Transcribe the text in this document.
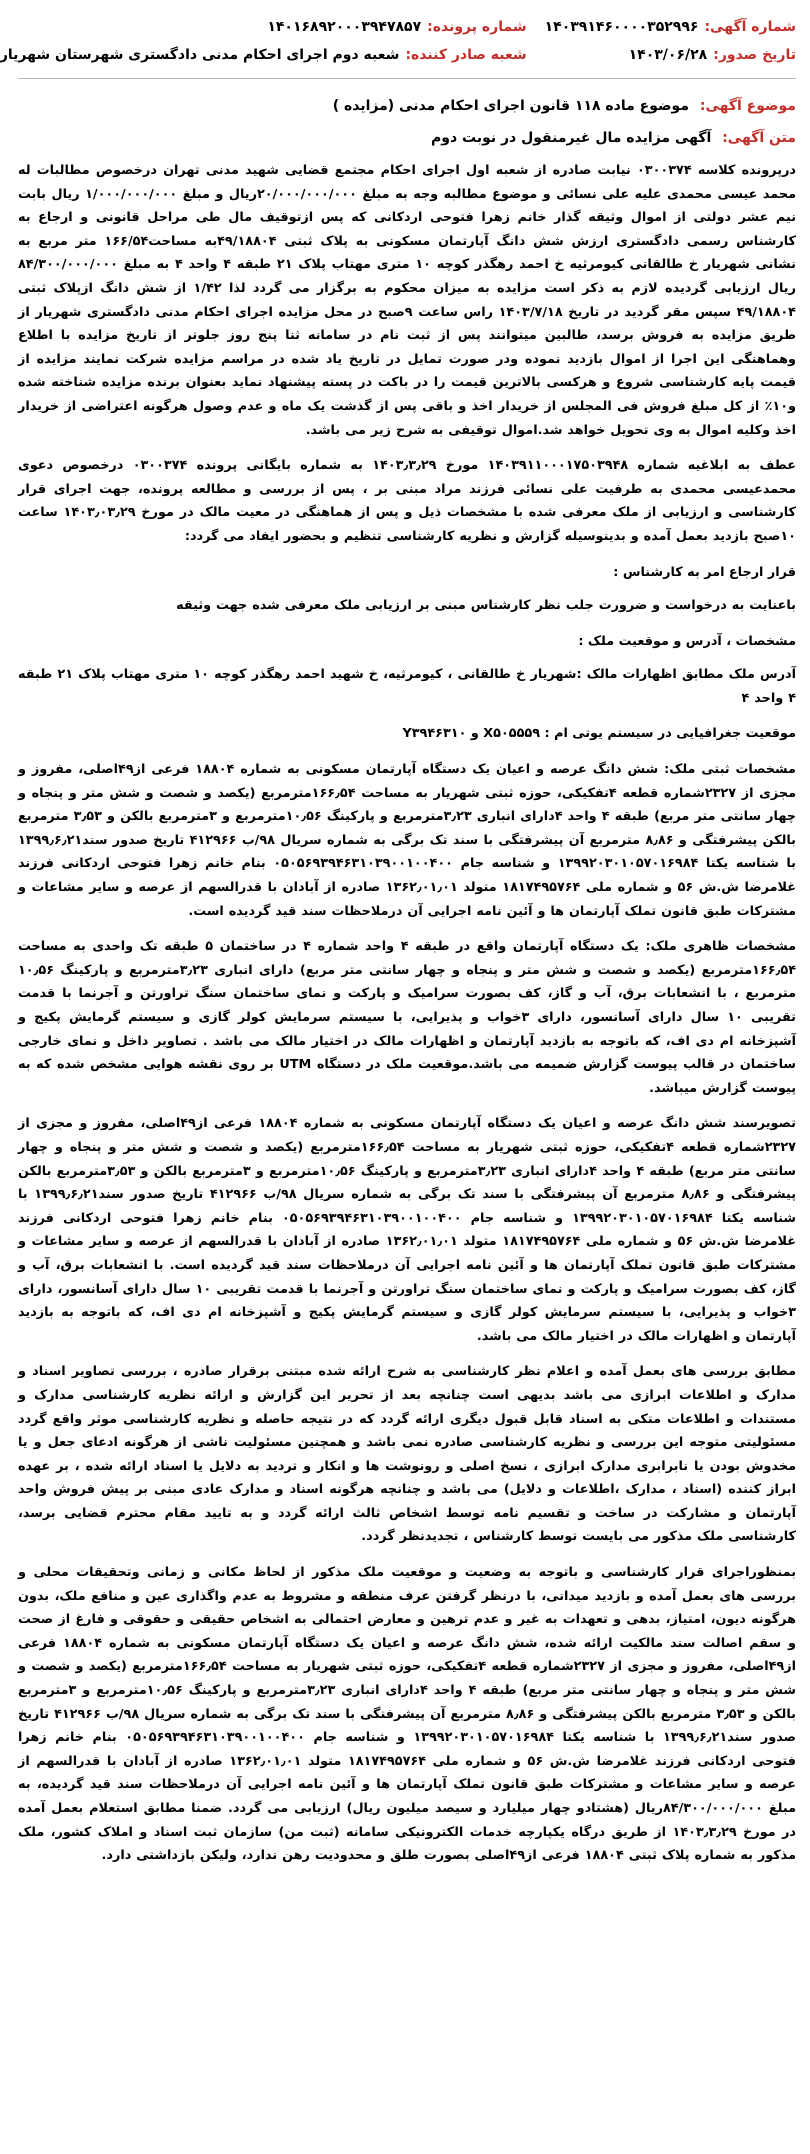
شماره آگهی:
۱۴۰۳۹۱۴۶۰۰۰۰۳۵۲۹۹۶
شماره پرونده:
۱۴۰۱۶۸۹۲۰۰۰۳۹۴۷۸۵۷
تاریخ صدور:
۱۴۰۳/۰۶/۲۸
شعبه صادر کننده:
شعبه دوم اجرای احکام مدنی دادگستری شهرستان شهریار
موضوع آگهی: موضوع ماده ۱۱۸ قانون اجرای احکام مدنی (مزایده )
متن آگهی: آگهی مزایده مال غیرمنقول در نوبت دوم

درپرونده کلاسه ۰۳۰۰۳۷۴ نیابت صادره از شعبه اول اجرای احکام مجتمع قضایی شهید مدنی تهران درخصوص مطالبات له محمد عیسی محمدی علیه علی نسائی و موضوع مطالبه وجه به مبلغ ۲۰/۰۰۰/۰۰۰/۰۰۰ریال و مبلغ ۱/۰۰۰/۰۰۰/۰۰۰ ریال بابت نیم عشر دولتی از اموال وثیقه گذار خانم زهرا فتوحی اردکانی که پس ازتوقیف مال طی مراحل قانونی و ارجاع به کارشناس رسمی دادگستری ارزش شش دانگ آپارتمان مسکونی به پلاک ثبتی ۴۹/۱۸۸۰۴به مساحت۱۶۶/۵۴ متر مربع به نشانی شهریار خ طالقانی کیومرثیه خ احمد رهگذر کوچه ۱۰ متری مهتاب پلاک ۲۱ طبقه ۴ واحد ۴ به مبلغ ۸۴/۳۰۰/۰۰۰/۰۰۰ ریال ارزیابی گردیده لازم به ذکر است مزایده به میزان محکوم به برگزار می گردد لذا ۱/۴۲ از شش دانگ ازپلاک ثبتی ۴۹/۱۸۸۰۴ سپس مقر گردید در تاریخ ۱۴۰۳/۷/۱۸ راس ساعت ۹صبح در محل مزایده اجرای احکام مدنی دادگستری شهریار از طریق مزایده به فروش برسد، طالبین میتوانند پس از ثبت نام در سامانه ثنا پنج روز جلوتر از تاریخ مزایده با اطلاع وهماهنگی این اجرا از اموال بازدید نموده ودر صورت تمایل در تاریخ یاد شده در مراسم مزایده شرکت نمایند مزایده از قیمت پایه کارشناسی شروع و هرکسی بالاترین قیمت را در باکت در پسته پیشنهاد نماید بعنوان برنده مزایده شناخته شده و۱۰٪ از کل مبلغ فروش فی المجلس از خریدار اخذ و باقی پس از گذشت یک ماه و عدم وصول هرگونه اعتراضی از خریدار اخذ وکلیه اموال به وی تحویل خواهد شد.اموال توقیفی به شرح زیر می باشد.

عطف به ابلاغیه شماره ۱۴۰۳۹۱۱۰۰۰۱۷۵۰۳۹۴۸ مورخ ۱۴۰۳٫۳٫۲۹ به شماره بایگانی پرونده ۰۳۰۰۳۷۴ درخصوص دعوی محمدعیسی محمدی به طرفیت علی نسائی فرزند مراد مبنی بر ، پس از بررسی و مطالعه پرونده، جهت اجرای قرار کارشناسی و ارزیابی از ملک معرفی شده با مشخصات ذیل و پس از هماهنگی در معیت مالک در مورخ ۱۴۰۳٫۰۳٫۲۹ ساعت ۱۰صبح بازدید بعمل آمده و بدینوسیله گزارش و نظریه کارشناسی تنظیم و بحضور ایفاد می گردد:

قرار ارجاع امر به کارشناس :

باعنایت به درخواست و ضرورت جلب نظر کارشناس مبنی بر ارزیابی ملک معرفی شده جهت وثیقه

مشخصات ، آدرس و موقعیت ملک :

آدرس ملک مطابق اظهارات مالک :شهریار خ طالقانی ، کیومرثیه، خ شهید احمد رهگذر کوچه ۱۰ متری مهتاب پلاک ۲۱ طبقه ۴ واحد ۴

موقعیت جغرافیایی در سیستم یوتی ام : X۵۰۵۵۵۹ و Y۳۹۴۶۳۱۰

مشخصات ثبتی ملک: شش دانگ عرصه و اعیان یک دستگاه آپارتمان مسکونی به شماره ۱۸۸۰۴ فرعی از۴۹اصلی، مفروز و مجزی از ۲۳۲۷شماره قطعه ۴تفکیکی، حوزه ثبتی شهریار به مساحت ۱۶۶٫۵۴مترمربع (یکصد و شصت و شش متر و پنجاه و چهار سانتی متر مربع) طبقه ۴ واحد ۴دارای انباری ۳٫۲۳مترمربع و پارکینگ ۱۰٫۵۶مترمربع و ۳مترمربع بالکن و ۳٫۵۳ مترمربع بالکن پیشرفتگی و ۸٫۸۶ مترمربع آن پیشرفتگی با سند تک برگی به شماره سریال ۹۸/ب ۴۱۲۹۶۶ تاریخ صدور سند۱۳۹۹٫۶٫۲۱ با شناسه یکتا ۱۳۹۹۲۰۳۰۱۰۵۷۰۱۶۹۸۴ و شناسه جام ۰۵۰۵۶۹۳۹۴۶۳۱۰۳۹۰۰۱۰۰۴۰۰ بنام خانم زهرا فتوحی اردکانی فرزند غلامرضا ش.ش ۵۶ و شماره ملی ۱۸۱۷۴۹۵۷۶۴ متولد ۱۳۶۲٫۰۱٫۰۱ صادره از آبادان با قدرالسهم از عرصه و سایر مشاعات و مشترکات طبق قانون تملک آپارتمان ها و آئین نامه اجرایی آن درملاحظات سند قید گردیده است.

مشخصات ظاهری ملک: یک دستگاه آپارتمان واقع در طبقه ۴ واحد شماره ۴ در ساختمان ۵ طبقه تک واحدی به مساحت ۱۶۶٫۵۴مترمربع (یکصد و شصت و شش متر و پنجاه و چهار سانتی متر مربع) دارای انباری ۳٫۲۳مترمربع و پارکینگ ۱۰٫۵۶ مترمربع ، با انشعابات برق، آب و گاز، کف بصورت سرامیک و پارکت و نمای ساختمان سنگ تراورتن و آجرنما با قدمت تقریبی ۱۰ سال دارای آسانسور، دارای ۳خواب و پذیرایی، با سیستم سرمایش کولر گازی و سیستم گرمایش پکیج و آشپزخانه ام دی اف، که باتوجه به بازدید آپارتمان و اظهارات مالک در اختیار مالک می باشد . تصاویر داخل و نمای خارجی ساختمان در قالب پیوست گزارش ضمیمه می باشد.موقعیت ملک در دستگاه UTM بر روی نقشه هوایی مشخص شده که به پیوست گزارش میباشد.

تصویرسند شش دانگ عرصه و اعیان یک دستگاه آپارتمان مسکونی به شماره ۱۸۸۰۴ فرعی از۴۹اصلی، مفروز و مجزی از ۲۳۲۷شماره قطعه ۴تفکیکی، حوزه ثبتی شهریار به مساحت ۱۶۶٫۵۴مترمربع (یکصد و شصت و شش متر و پنجاه و چهار سانتی متر مربع) طبقه ۴ واحد ۴دارای انباری ۳٫۲۳مترمربع و پارکینگ ۱۰٫۵۶مترمربع و ۳مترمربع بالکن و ۳٫۵۳مترمربع بالکن پیشرفتگی و ۸٫۸۶ مترمربع آن پیشرفتگی با سند تک برگی به شماره سریال ۹۸/ب ۴۱۲۹۶۶ تاریخ صدور سند۱۳۹۹٫۶٫۲۱ با شناسه یکتا ۱۳۹۹۲۰۳۰۱۰۵۷۰۱۶۹۸۴ و شناسه جام ۰۵۰۵۶۹۳۹۴۶۳۱۰۳۹۰۰۱۰۰۴۰۰ بنام خانم زهرا فتوحی اردکانی فرزند غلامرضا ش.ش ۵۶ و شماره ملی ۱۸۱۷۴۹۵۷۶۴ متولد ۱۳۶۲٫۰۱٫۰۱ صادره از آبادان با قدرالسهم از عرصه و سایر مشاعات و مشترکات طبق قانون تملک آپارتمان ها و آئین نامه اجرایی آن درملاحظات سند قید گردیده است. با انشعابات برق، آب و گاز، کف بصورت سرامیک و پارکت و نمای ساختمان سنگ تراورتن و آجرنما با قدمت تقریبی ۱۰ سال دارای آسانسور، دارای ۳خواب و پذیرایی، با سیستم سرمایش کولر گازی و سیستم گرمایش پکیج و آشپزخانه ام دی اف، که باتوجه به بازدید آپارتمان و اظهارات مالک در اختیار مالک می باشد.

مطابق بررسی های بعمل آمده و اعلام نظر کارشناسی به شرح ارائه شده مبتنی برقرار صادره ، بررسی تصاویر اسناد و مدارک و اطلاعات ابرازی می باشد بدیهی است چنانچه بعد از تحریر این گزارش و ارائه نظریه کارشناسی مدارک و مستندات و اطلاعات متکی به اسناد قابل قبول دیگری ارائه گردد که در نتیجه حاصله و نظریه کارشناسی موثر واقع گردد مسئولیتی متوجه این بررسی و نظریه کارشناسی صادره نمی باشد و همچنین مسئولیت ناشی از هرگونه ادعای جعل و یا مخدوش بودن یا نابرابری مدارک ابرازی ، نسخ اصلی و رونوشت ها و انکار و تردید به دلایل یا اسناد ارائه شده ، بر عهده ابراز کننده (اسناد ، مدارک ،اطلاعات و دلایل) می باشد و چنانچه هرگونه اسناد و مدارک عادی مبنی بر پیش فروش واحد آپارتمان و مشارکت در ساخت و تقسیم نامه توسط اشخاص ثالث ارائه گردد و به تایید مقام محترم قضایی برسد، کارشناسی ملک مذکور می بایست توسط کارشناس ، تجدیدنظر گردد.

بمنظوراجرای قرار کارشناسی و باتوجه به وضعیت و موقعیت ملک مذکور از لحاظ مکانی و زمانی وتحقیقات محلی و بررسی های بعمل آمده و بازدید میدانی، با درنظر گرفتن عرف منطقه و مشروط به عدم واگذاری عین و منافع ملک، بدون هرگونه دیون، امتیاز، بدهی و تعهدات به غیر و عدم ترهین و معارض احتمالی به اشخاص حقیقی و حقوقی و فارغ از صحت و سقم اصالت سند مالکیت ارائه شده، شش دانگ عرصه و اعیان یک دستگاه آپارتمان مسکونی به شماره ۱۸۸۰۴ فرعی از۴۹اصلی، مفروز و مجزی از ۲۳۲۷شماره قطعه ۴تفکیکی، حوزه ثبتی شهریار به مساحت ۱۶۶٫۵۴مترمربع (یکصد و شصت و شش متر و پنجاه و چهار سانتی متر مربع) طبقه ۴ واحد ۴دارای انباری ۳٫۲۳مترمربع و پارکینگ ۱۰٫۵۶مترمربع و ۳مترمربع بالکن و ۳٫۵۳ مترمربع بالکن پیشرفتگی و ۸٫۸۶ مترمربع آن پیشرفتگی با سند تک برگی به شماره سریال ۹۸/ب ۴۱۲۹۶۶ تاریخ صدور سند۱۳۹۹٫۶٫۲۱ با شناسه یکتا ۱۳۹۹۲۰۳۰۱۰۵۷۰۱۶۹۸۴ و شناسه جام ۰۵۰۵۶۹۳۹۴۶۳۱۰۳۹۰۰۱۰۰۴۰۰ بنام خانم زهرا فتوحی اردکانی فرزند غلامرضا ش.ش ۵۶ و شماره ملی ۱۸۱۷۴۹۵۷۶۴ متولد ۱۳۶۲٫۰۱٫۰۱ صادره از آبادان با قدرالسهم از عرصه و سایر مشاعات و مشترکات طبق قانون تملک آپارتمان ها و آئین نامه اجرایی آن درملاحظات سند قید گردیده، به مبلغ ۸۴/۳۰۰/۰۰۰/۰۰۰ریال (هشتادو چهار میلیارد و سیصد میلیون ریال) ارزیابی می گردد. ضمنا مطابق استعلام بعمل آمده در مورخ ۱۴۰۳٫۳٫۲۹ از طریق درگاه یکپارچه خدمات الکترونیکی سامانه (ثبت من) سازمان ثبت اسناد و املاک کشور، ملک مذکور به شماره پلاک ثبتی ۱۸۸۰۴ فرعی از۴۹اصلی بصورت طلق و محدودیت رهن ندارد، ولیکن بازداشتی دارد.
